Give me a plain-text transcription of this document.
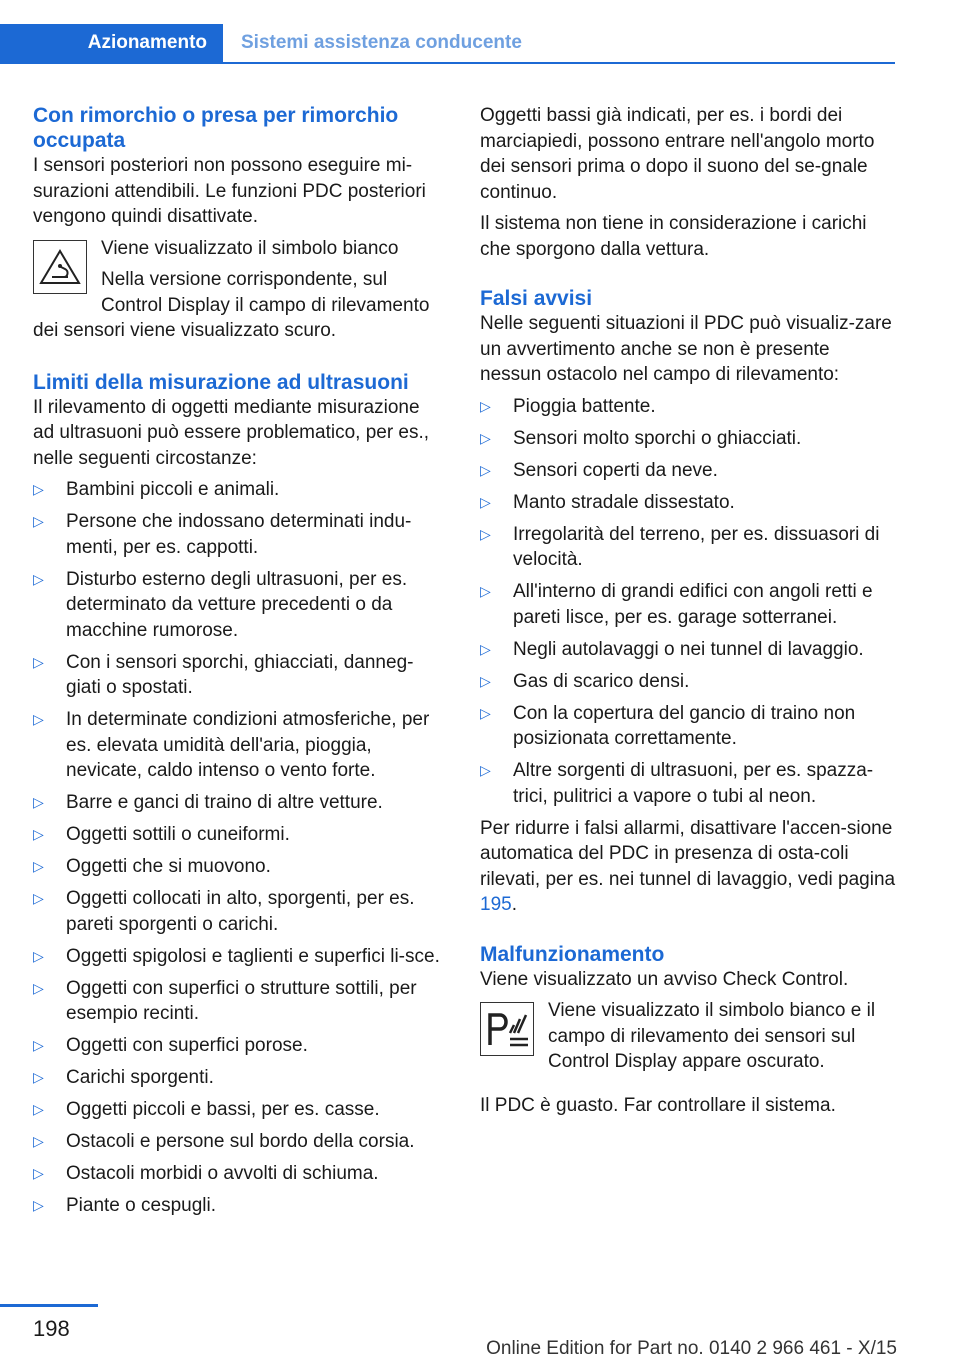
Azionamento	Sistemi assistenza conducente
Con rimorchio o presa per rimorchio occupata

I sensori posteriori non possono eseguire mi-surazioni attendibili. Le funzioni PDC posteriori vengono quindi disattivate.

Viene visualizzato il simbolo bianco

Nella versione corrispondente, sul Control Display il campo di rilevamento

dei sensori viene visualizzato scuro.

Limiti della misurazione ad ultrasuoni

Il rilevamento di oggetti mediante misurazione ad ultrasuoni può essere problematico, per es., nelle seguenti circostanze:

▷ Bambini piccoli e animali.
▷ Persone che indossano determinati indu-menti, per es. cappotti.
▷ Disturbo esterno degli ultrasuoni, per es. determinato da vetture precedenti o da macchine rumorose.
▷ Con i sensori sporchi, ghiacciati, danneg-giati o spostati.
▷ In determinate condizioni atmosferiche, per es. elevata umidità dell'aria, pioggia, nevicate, caldo intenso o vento forte.
▷ Barre e ganci di traino di altre vetture.
▷ Oggetti sottili o cuneiformi.
▷ Oggetti che si muovono.
▷ Oggetti collocati in alto, sporgenti, per es. pareti sporgenti o carichi.
▷ Oggetti spigolosi e taglienti e superfici li-sce.
▷ Oggetti con superfici o strutture sottili, per esempio recinti.
▷ Oggetti con superfici porose.
▷ Carichi sporgenti.
▷ Oggetti piccoli e bassi, per es. casse.
▷ Ostacoli e persone sul bordo della corsia.
▷ Ostacoli morbidi o avvolti di schiuma.
▷ Piante o cespugli.

Oggetti bassi già indicati, per es. i bordi dei marciapiedi, possono entrare nell'angolo morto dei sensori prima o dopo il suono del se-gnale continuo.

Il sistema non tiene in considerazione i carichi che sporgono dalla vettura.

Falsi avvisi

Nelle seguenti situazioni il PDC può visualiz-zare un avvertimento anche se non è presente nessun ostacolo nel campo di rilevamento:

▷ Pioggia battente.
▷ Sensori molto sporchi o ghiacciati.
▷ Sensori coperti da neve.
▷ Manto stradale dissestato.
▷ Irregolarità del terreno, per es. dissuasori di velocità.
▷ All'interno di grandi edifici con angoli retti e pareti lisce, per es. garage sotterranei.
▷ Negli autolavaggi o nei tunnel di lavaggio.
▷ Gas di scarico densi.
▷ Con la copertura del gancio di traino non posizionata correttamente.
▷ Altre sorgenti di ultrasuoni, per es. spazza-trici, pulitrici a vapore o tubi al neon.

Per ridurre i falsi allarmi, disattivare l'accen-sione automatica del PDC in presenza di osta-coli rilevati, per es. nei tunnel di lavaggio, vedi pagina 195.

Malfunzionamento

Viene visualizzato un avviso Check Control.

Viene visualizzato il simbolo bianco e il campo di rilevamento dei sensori sul Control Display appare oscurato.

Il PDC è guasto. Far controllare il sistema.

198
Online Edition for Part no. 0140 2 966 461 - X/15
